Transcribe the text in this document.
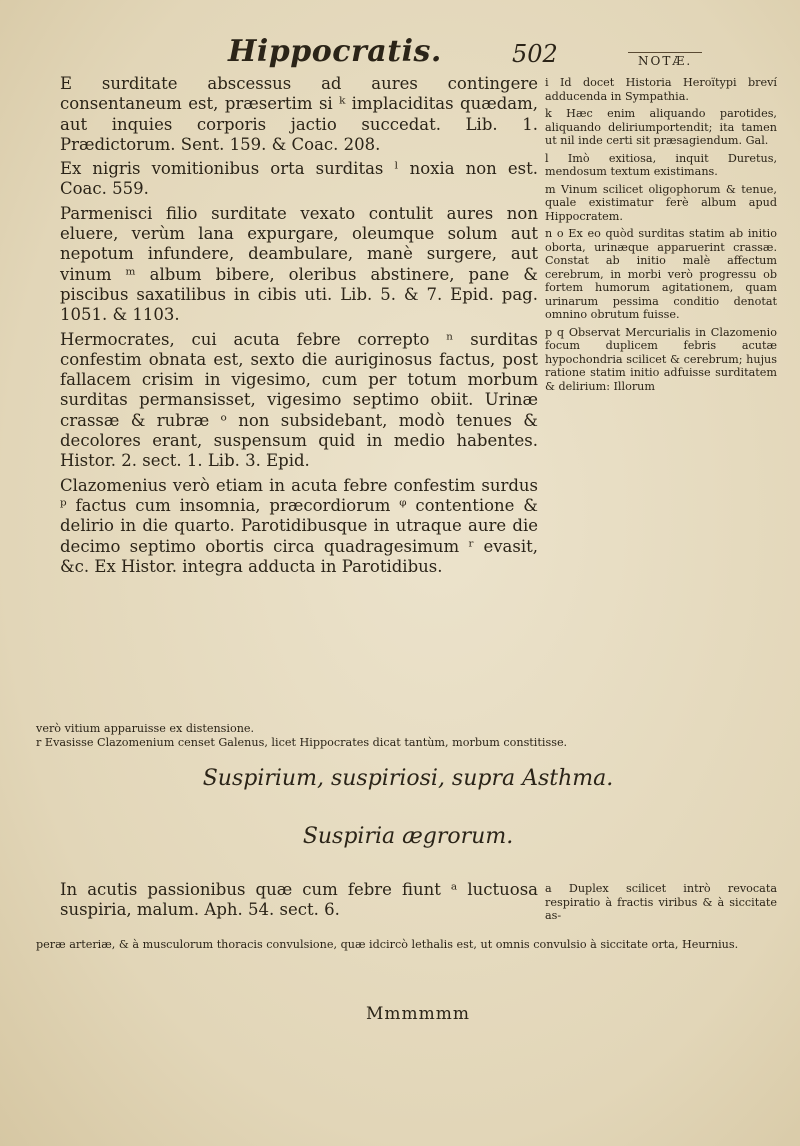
Hippocratis.	502	NOTÆ.

E surditate abscessus ad aures contingere consentaneum est, præsertim si ᵏ implaciditas quædam, aut inquies corporis jactio succedat. Lib. 1. Prædictorum. Sent. 159. & Coac. 208.

Ex nigris vomitionibus orta surditas ˡ noxia non est. Coac. 559.

Parmenisci filio surditate vexato contulit aures non eluere, verùm lana expurgare, oleumque solum aut nepotum infundere, deambulare, manè surgere, aut vinum ᵐ album bibere, oleribus abstinere, pane & piscibus saxatilibus in cibis uti. Lib. 5. & 7. Epid. pag. 1051. & 1103.

Hermocrates, cui acuta febre correpto ⁿ surditas confestim obnata est, sexto die auriginosus factus, post fallacem crisim in vigesimo, cum per totum morbum surditas permansisset, vigesimo septimo obiit. Urinæ crassæ & rubræ ᵒ non subsidebant, modò tenues & decolores erant, suspensum quid in medio habentes. Histor. 2. sect. 1. Lib. 3. Epid.

Clazomenius verò etiam in acuta febre confestim surdus ᵖ factus cum insomnia, præcordiorum ᵠ contentione & delirio in die quarto. Parotidibusque in utraque aure die decimo septimo obortis circa quadragesimum ʳ evasit, &c. Ex Histor. integra adducta in Parotidibus.

i Id docet Historia Heroïtypi breví adducenda in Sympathia.

k Hæc enim aliquando parotides, aliquando deliriumportendit; ita tamen ut nil inde certi sit præsagiendum. Gal.

l Imò exitiosa, inquit Duretus, mendosum textum existimans.

m Vinum scilicet oligophorum & tenue, quale existimatur ferè album apud Hippocratem.

n o Ex eo quòd surditas statim ab initio oborta, urinæque apparuerint crassæ. Constat ab initio malè affectum cerebrum, in morbi verò progressu ob fortem humorum agitationem, quam urinarum pessima conditio denotat omnino obrutum fuisse.

p q Observat Mercurialis in Clazomenio focum duplicem febris acutæ hypochondria scilicet & cerebrum; hujus ratione statim initio adfuisse surditatem & delirium: Illorum

verò vitium apparuisse ex distensione.

r Evasisse Clazomenium censet Galenus, licet Hippocrates dicat tantùm, morbum constitisse.

Suspirium, suspiriosi, supra Asthma.
Suspiria ægrorum.
In acutis passionibus quæ cum febre fiunt ᵃ luctuosa suspiria, malum. Aph. 54. sect. 6.
a Duplex scilicet intrò revocata respiratio à fractis viribus & à siccitate as-
peræ arteriæ, & à musculorum thoracis convulsione, quæ idcircò lethalis est, ut omnis convulsio à siccitate orta, Heurnius.
Mmmmmm
